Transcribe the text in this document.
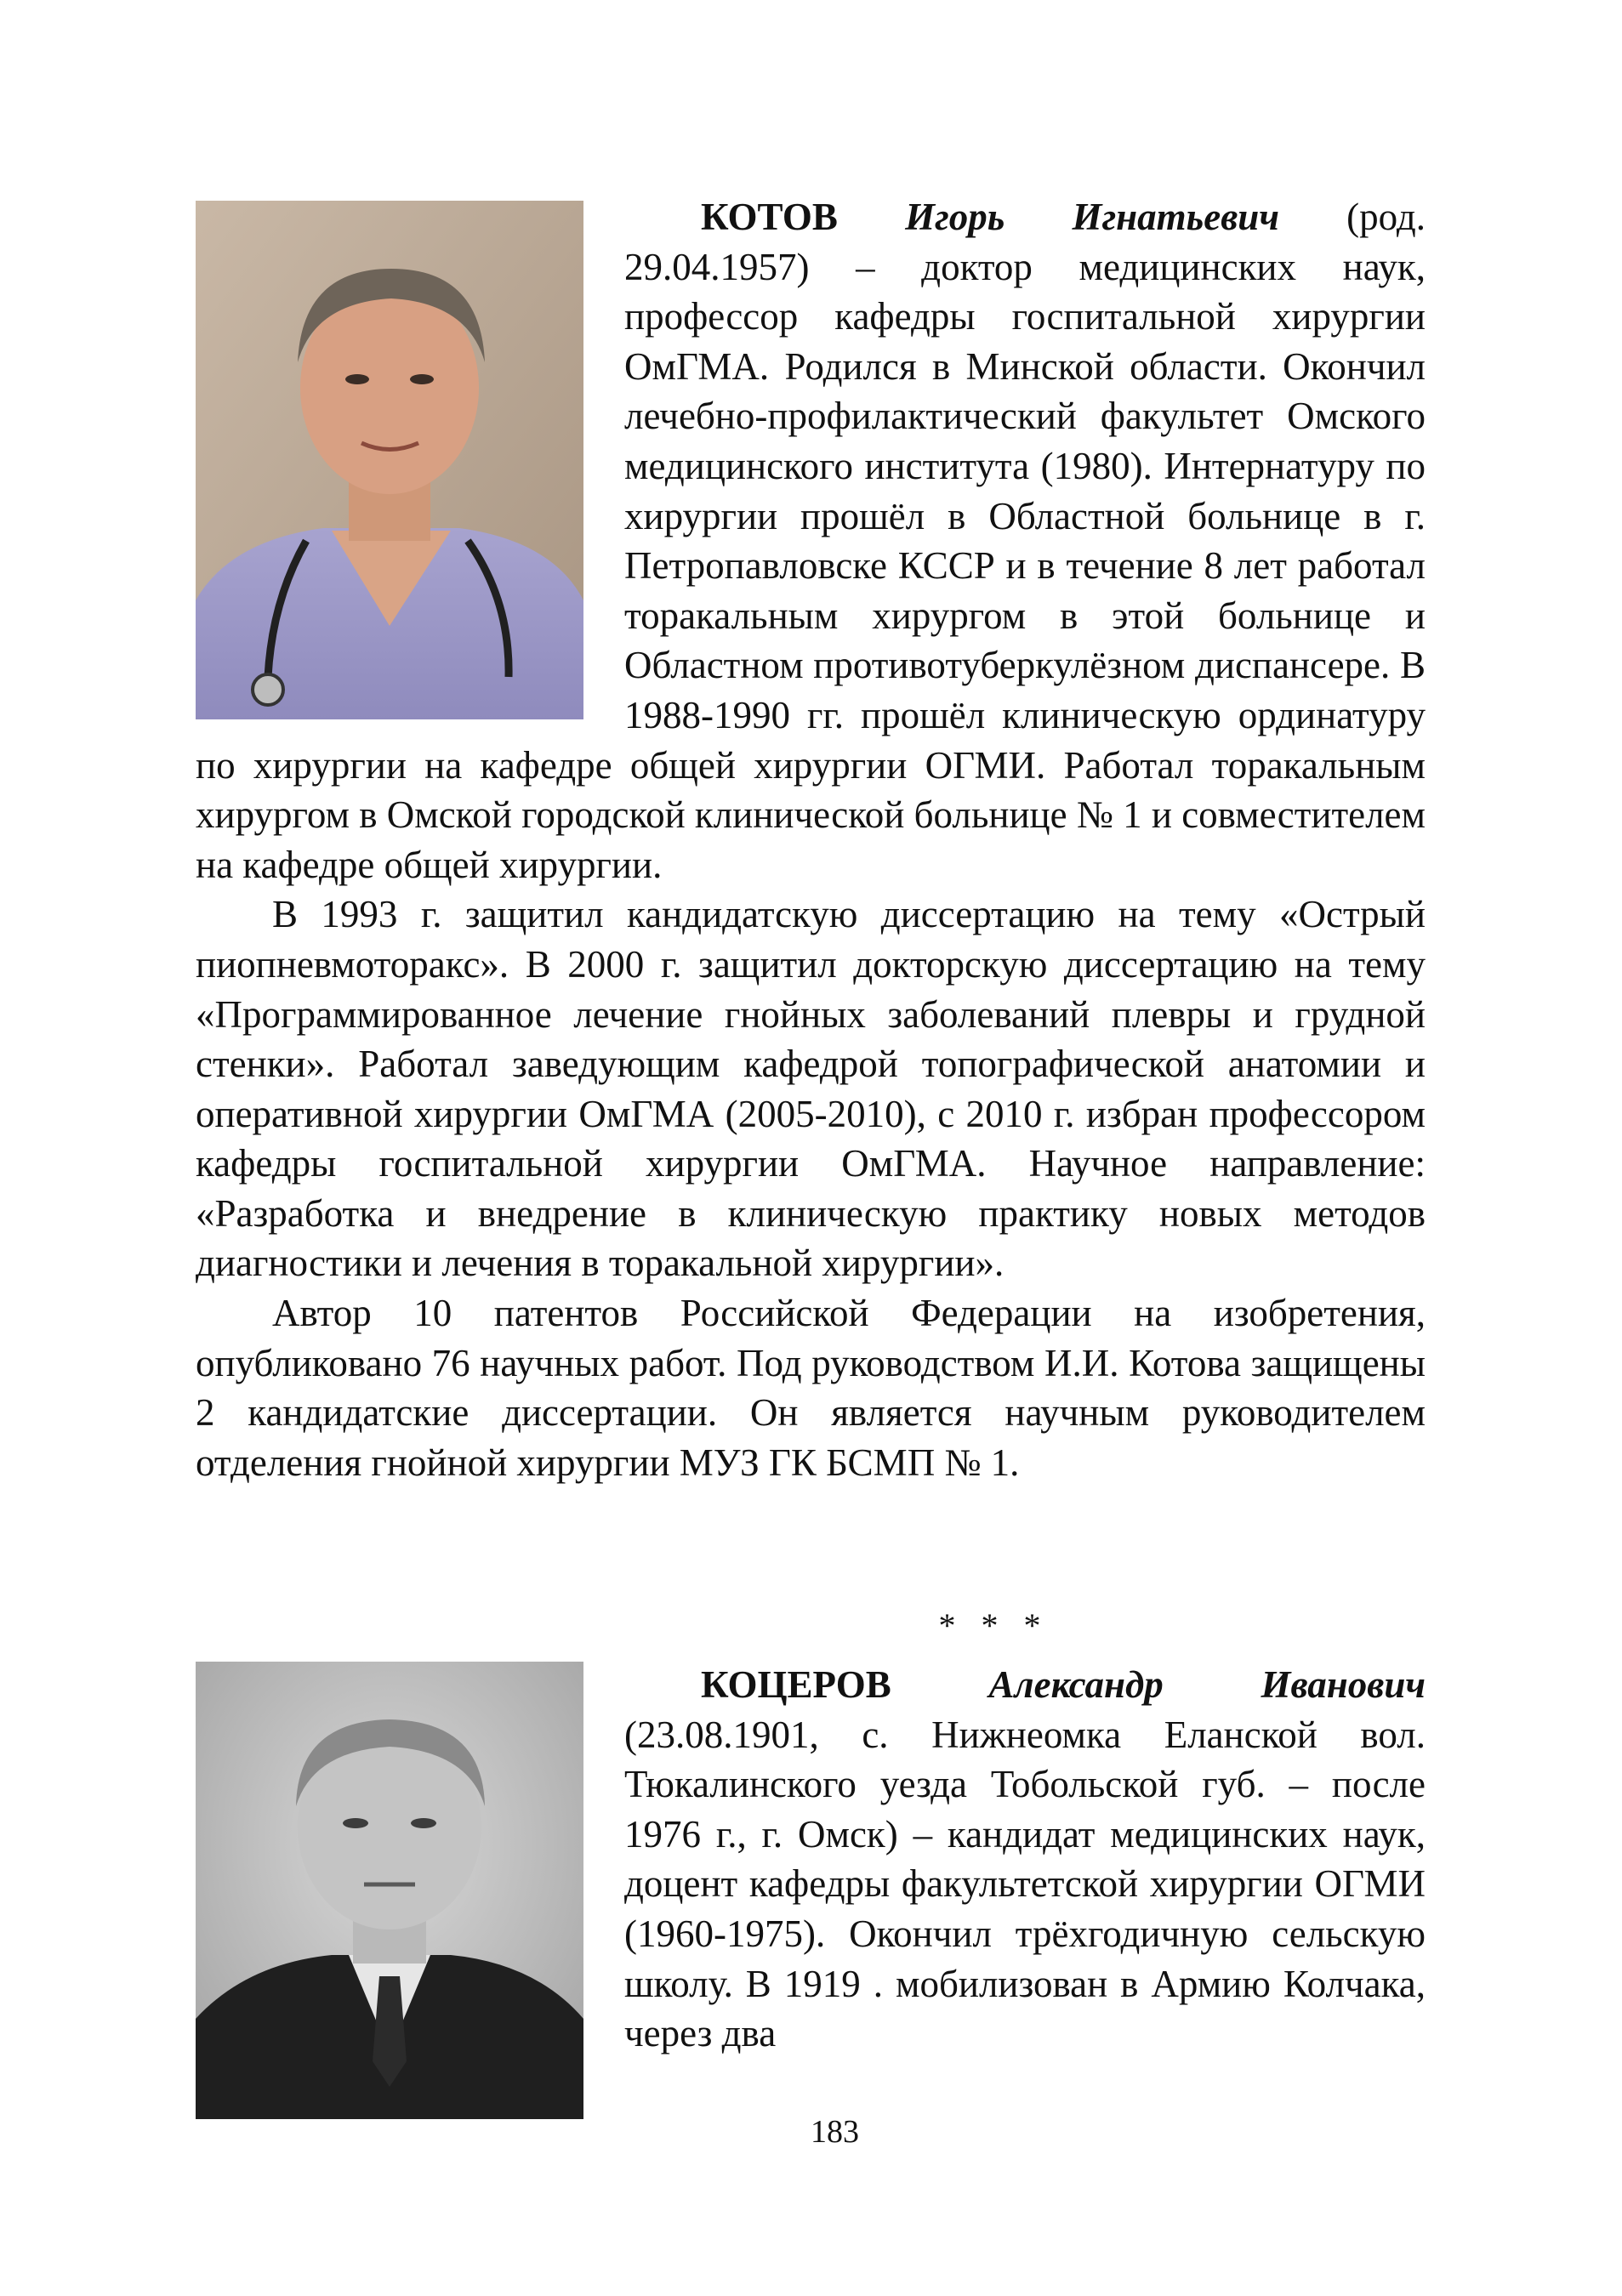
КОТОВ Игорь Игнатьевич (род. 29.04.1957) – доктор медицинских наук, профессор кафедры госпитальной хирургии ОмГМА. Родился в Минской области. Окончил лечебно-профилактический факультет Омского медицинского института (1980). Интернатуру по хирургии прошёл в Областной больнице в г. Петропавловске КССР и в течение 8 лет работал торакальным хирургом в этой больнице и Областном противотуберкулёзном диспансере. В 1988-1990 гг. прошёл клиническую ординатуру по хирургии на кафедре общей хирургии ОГМИ. Работал торакальным хирургом в Омской городской клинической больнице № 1 и совместителем на кафедре общей хирургии.

В 1993 г. защитил кандидатскую диссертацию на тему «Острый пиопневмоторакс». В 2000 г. защитил докторскую диссертацию на тему «Программированное лечение гнойных заболеваний плевры и грудной стенки». Работал заведующим кафедрой топографической анатомии и оперативной хирургии ОмГМА (2005-2010), с 2010 г. избран профессором кафедры госпитальной хирургии ОмГМА. Научное направление: «Разработка и внедрение в клиническую практику новых методов диагностики и лечения в торакальной хирургии».

Автор 10 патентов Российской Федерации на изобретения, опубликовано 76 научных работ. Под руководством И.И. Котова защищены 2 кандидатские диссертации. Он является научным руководителем отделения гнойной хирургии МУЗ ГК БСМП № 1.

* * *

КОЦЕРОВ	Александр Иванович (23.08.1901, с. Нижнеомка Еланской вол. Тюкалинского уезда Тобольской губ. – после 1976 г., г. Омск) – кандидат медицинских наук, доцент кафедры факультетской хирургии ОГМИ (1960-1975). Окончил трёхгодичную сельскую школу. В 1919 . мобилизован в Армию Колчака, через два

183
